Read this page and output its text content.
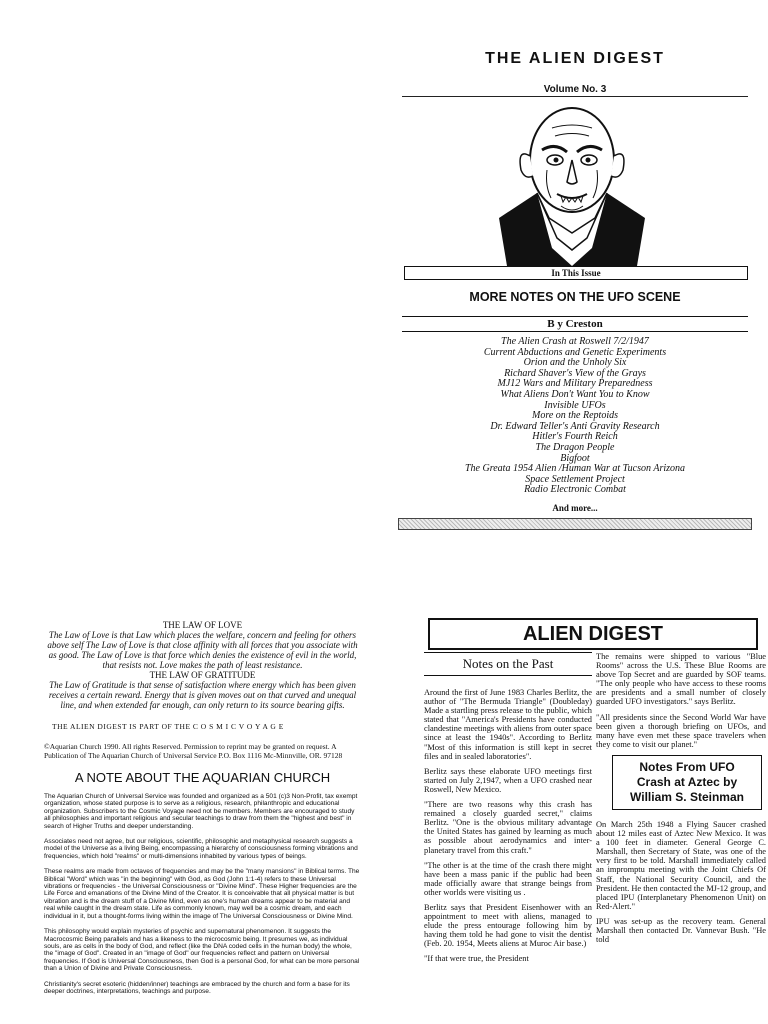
THE ALIEN DIGEST
Volume No. 3
In This Issue
MORE NOTES ON THE UFO SCENE
B y Creston
The Alien Crash at Roswell 7/2/1947
Current Abductions and Genetic Experiments
Orion and the Unholy Six
Richard Shaver's View of the Grays
MJ12 Wars and Military Preparedness
What Aliens Don't Want You to Know
Invisible UFOs
More on the Reptoids
Dr. Edward Teller's Anti Gravity Research
Hitler's Fourth Reich
The Dragon People
Bigfoot
The Greata 1954 Alien /Human War at Tucson Arizona
Space Settlement Project
Radio Electronic Combat
And more...

THE LAW OF LOVE

The Law of Love is that Law which places the welfare, concern and feeling for others above self The Law of Love is that close affinity with all forces that you associate with as good. The Law of Love is that force which denies the existence of evil in the world, that resists not. Love makes the path of least resistance.

THE LAW OF GRATITUDE

The Law of Gratitude is that sense of satisfaction where energy which has been given receives a certain reward. Energy that is given moves out on that curved and unequal line, and when extended far enough, can only return to its source bearing gifts.

THE ALIEN DIGEST IS PART OF THE C O S M I C V O Y A G E

©Aquarian Church 1990. All rights Reserved. Permission to reprint may be granted on request. A Publication of The Aquarian Church of Universal Service P.O. Box 1116 Mc-Minnville, OR. 97128

A NOTE ABOUT THE AQUARIAN CHURCH

The Aquarian Church of Universal Service was founded and organized as a 501 (c)3 Non-Profit, tax exempt organization, whose stated purpose is to serve as a religious, research, philanthropic and educational organization. Subscribers to the Cosmic Voyage need not be members. Members are encouraged to study all philosophies and important religious and secular teachings to draw from them the "highest and best" in search of Higher Truths and deeper understanding.

Associates need not agree, but our religious, scientific, philosophic and metaphysical research suggests a model of the Universe as a living Being, encompassing a hierarchy of consciousness forming vibrations and frequencies, which hold "realms" or multi-dimensions inhabited by various types of beings.

These realms are made from octaves of frequencies and may be the "many mansions" in Biblical terms. The Biblical "Word" which was "in the beginning" with God, as God (John 1:1-4) refers to these Universal vibrations or frequencies - the Universal Consciousness or "Divine Mind". These Higher frequencies are the Life Force and emanations of the Divine Mind of the Creator. It is conceivable that all physical matter is but vibration and is the dream stuff of a Divine Mind, even as one's human dreams appear to be material and real while caught in the dream state. Life as commonly known, may well be a cosmic dream, and each individual in it, but a thought-forms living within the image of The Universal Consciousness or Divine Mind.

This philosophy would explain mysteries of psychic and supernatural phenomenon. It suggests the Macrocosmic Being parallels and has a likeness to the microcosmic being. It presumes we, as individual souls, are as cells in the body of God, and reflect (like the DNA coded cells in the human body) the whole, the "image of God". Created in an "image of God" our frequencies reflect and pattern on Universal frequencies. If God is Universal Consciousness, then God is a personal God, for what can be more personal than a Union of Divine and Private Consciousness.

Christianity's secret esoteric (hidden/inner) teachings are embraced by the church and form a base for its deeper doctrines, interpretations, teachings and purpose.

ALIEN DIGEST
Notes on the Past

Around the first of June 1983 Charles Berlitz, the author of "The Bermuda Triangle" (Doubleday) Made a startling press release to the public, which stated that "America's Presidents have conducted clandestine meetings with aliens from outer space since at least the 1940s". According to Berlitz "Most of this information is still kept in secret files and in sealed laboratories".

Berlitz says these elaborate UFO meetings first started on July 2,1947, when a UFO crashed near Roswell, New Mexico.

"There are two reasons why this crash has remained a closely guarded secret," claims Berlitz. "One is the obvious military advantage the United States has gained by learning as much as possible about aerodynamics and inter-planetary travel from this craft."

"The other is at the time of the crash there might have been a mass panic if the public had been made officially aware that strange beings from other worlds were visiting us .

Berlitz says that President Eisenhower with an appointment to meet with aliens, managed to elude the press entourage following him by having them told he had gone to visit the dentist (Feb. 20. 1954, Meets aliens at Muroc Air base.)

"If that were true, the President

The remains were shipped to various "Blue Rooms" across the U.S. These Blue Rooms are above Top Secret and are guarded by SOF teams. "The only people who have access to these rooms are presidents and a small number of closely guarded UFO investigators." says Berlitz.

"All presidents since the Second World War have been given a thorough briefing on UFOs, and many have even met these space travelers when they come to visit our planet."

Notes From UFO
Crash at Aztec by
William S. Steinman

On March 25th 1948 a Flying Saucer crashed about 12 miles east of Aztec New Mexico. It was a 100 feet in diameter. General George C. Marshall, then Secretary of State, was one of the very first to be told. Marshall immediately called an impromptu meeting with the Joint Chiefs Of Staff, the National Security Council, and the President. He then contacted the MJ-12 group, and placed IPU (Interplanetary Phenomenon Unit) on Red-Alert."

IPU was set-up as the recovery team. General Marshall then contacted Dr. Vannevar Bush. "He told
